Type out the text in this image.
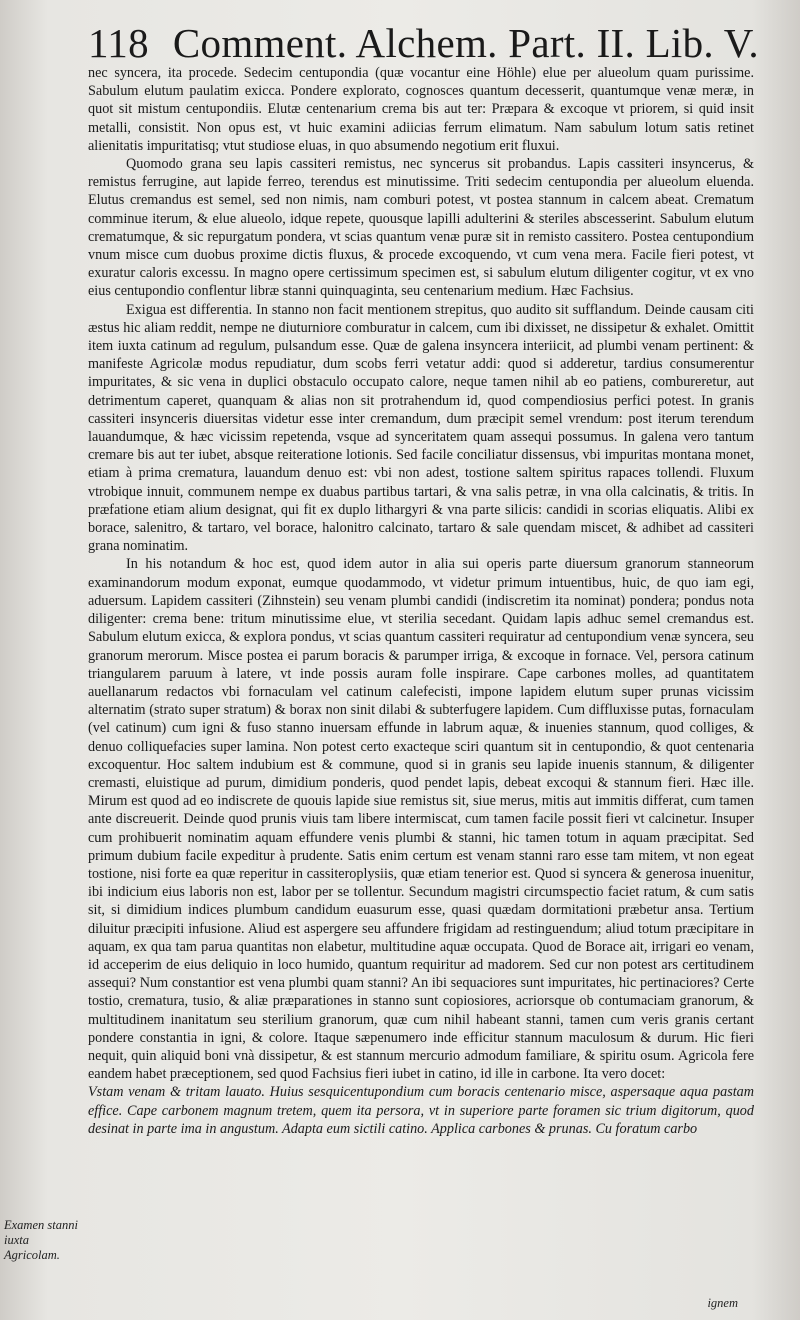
118 Comment. Alchem. Part. II. Lib. V.

nec syncera, ita procede. Sedecim centupondia (quæ vocantur eine Höhle) elue per alueolum quam purissime. Sabulum elutum paulatim exicca. Pondere explorato, cognosces quantum decesserit, quantumque venæ meræ, in quot sit mistum centupondiis. Elutæ centenarium crema bis aut ter: Præpara & excoque vt priorem, si quid insit metalli, consistit. Non opus est, vt huic examini adiicias ferrum elimatum. Nam sabulum lotum satis retinet alienitatis impuritatisq; vtut studiose eluas, in quo absumendo negotium erit fluxui.

Quomodo grana seu lapis cassiteri remistus, nec syncerus sit probandus. Lapis cassiteri insyncerus, & remistus ferrugine, aut lapide ferreo, terendus est minutissime. Triti sedecim centupondia per alueolum eluenda. Elutus cremandus est semel, sed non nimis, nam comburi potest, vt postea stannum in calcem abeat. Crematum comminue iterum, & elue alueolo, idque repete, quousque lapilli adulterini & steriles abscesserint. Sabulum elutum crematumque, & sic repurgatum pondera, vt scias quantum venæ puræ sit in remisto cassitero. Postea centupondium vnum misce cum duobus proxime dictis fluxus, & procede excoquendo, vt cum vena mera. Facile fieri potest, vt exuratur caloris excessu. In magno opere certissimum specimen est, si sabulum elutum diligenter cogitur, vt ex vno eius centupondio conflentur libræ stanni quinquaginta, seu centenarium medium. Hæc Fachsius.

Exigua est differentia. In stanno non facit mentionem strepitus, quo audito sit sufflandum. Deinde causam citi æstus hic aliam reddit, nempe ne diuturniore comburatur in calcem, cum ibi dixisset, ne dissipetur & exhalet. Omittit item iuxta catinum ad regulum, pulsandum esse. Quæ de galena insyncera interiicit, ad plumbi venam pertinent: & manifeste Agricolæ modus repudiatur, dum scobs ferri vetatur addi: quod si adderetur, tardius consumerentur impuritates, & sic vena in duplici obstaculo occupato calore, neque tamen nihil ab eo patiens, combureretur, aut detrimentum caperet, quanquam & alias non sit protrahendum id, quod compendiosius perfici potest. In granis cassiteri insynceris diuersitas videtur esse inter cremandum, dum præcipit semel vrendum: post iterum terendum lauandumque, & hæc vicissim repetenda, vsque ad synceritatem quam assequi possumus. In galena vero tantum cremare bis aut ter iubet, absque reiteratione lotionis. Sed facile conciliatur dissensus, vbi impuritas montana monet, etiam à prima crematura, lauandum denuo est: vbi non adest, tostione saltem spiritus rapaces tollendi. Fluxum vtrobique innuit, communem nempe ex duabus partibus tartari, & vna salis petræ, in vna olla calcinatis, & tritis. In præfatione etiam alium designat, qui fit ex duplo lithargyri & vna parte silicis: candidi in scorias eliquatis. Alibi ex borace, salenitro, & tartaro, vel borace, halonitro calcinato, tartaro & sale quendam miscet, & adhibet ad cassiteri grana nominatim.

In his notandum & hoc est, quod idem autor in alia sui operis parte diuersum granorum stanneorum examinandorum modum exponat, eumque quodammodo, vt videtur primum intuentibus, huic, de quo iam egi, aduersum. Lapidem cassiteri (Zihnstein) seu venam plumbi candidi (indiscretim ita nominat) pondera; pondus nota diligenter: crema bene: tritum minutissime elue, vt sterilia secedant. Quidam lapis adhuc semel cremandus est. Sabulum elutum exicca, & explora pondus, vt scias quantum cassiteri requiratur ad centupondium venæ syncera, seu granorum merorum. Misce postea ei parum boracis & parumper irriga, & excoque in fornace. Vel, persora catinum triangularem paruum à latere, vt inde possis auram folle inspirare. Cape carbones molles, ad quantitatem auellanarum redactos vbi fornaculam vel catinum calefecisti, impone lapidem elutum super prunas vicissim alternatim (strato super stratum) & borax non sinit dilabi & subterfugere lapidem. Cum diffluxisse putas, fornaculam (vel catinum) cum igni & fuso stanno inuersam effunde in labrum aquæ, & inuenies stannum, quod colliges, & denuo colliquefacies super lamina. Non potest certo exacteque sciri quantum sit in centupondio, & quot centenaria excoquentur. Hoc saltem indubium est & commune, quod si in granis seu lapide inuenis stannum, & diligenter cremasti, eluistique ad purum, dimidium ponderis, quod pendet lapis, debeat excoqui & stannum fieri. Hæc ille. Mirum est quod ad eo indiscrete de quouis lapide siue remistus sit, siue merus, mitis aut immitis differat, cum tamen ante discreuerit. Deinde quod prunis viuis tam libere intermiscat, cum tamen facile possit fieri vt calcinetur. Insuper cum prohibuerit nominatim aquam effundere venis plumbi & stanni, hic tamen totum in aquam præcipitat. Sed primum dubium facile expeditur à prudente. Satis enim certum est venam stanni raro esse tam mitem, vt non egeat tostione, nisi forte ea quæ reperitur in cassiteroplysiis, quæ etiam tenerior est. Quod si syncera & generosa inuenitur, ibi indicium eius laboris non est, labor per se tollentur. Secundum magistri circumspectio faciet ratum, & cum satis sit, si dimidium indices plumbum candidum euasurum esse, quasi quædam dormitationi præbetur ansa. Tertium diluitur præcipiti infusione. Aliud est aspergere seu affundere frigidam ad restinguendum; aliud totum præcipitare in aquam, ex qua tam parua quantitas non elabetur, multitudine aquæ occupata. Quod de Borace ait, irrigari eo venam, id acceperim de eius deliquio in loco humido, quantum requiritur ad madorem. Sed cur non potest ars certitudinem assequi? Num constantior est vena plumbi quam stanni? An ibi sequaciores sunt impuritates, hic pertinaciores? Certe tostio, crematura, tusio, & aliæ præparationes in stanno sunt copiosiores, acriorsque ob contumaciam granorum, & multitudinem inanitatum seu sterilium granorum, quæ cum nihil habeant stanni, tamen cum veris granis certant pondere constantia in igni, & colore. Itaque sæpenumero inde efficitur stannum maculosum & durum. Hic fieri nequit, quin aliquid boni vnà dissipetur, & est stannum mercurio admodum familiare, & spiritu osum. Agricola fere eandem habet præceptionem, sed quod Fachsius fieri iubet in catino, id ille in carbone. Ita vero docet:

Vstam venam & tritam lauato. Huius sesquicentupondium cum boracis centenario misce, aspersaque aqua pastam effice. Cape carbonem magnum tretem, quem ita persora, vt in superiore parte foramen sic trium digitorum, quod desinat in parte ima in angustum. Adapta eum sictili catino. Applica carbones & prunas. Cu foratum carbo

Examen stanni iuxta Agricolam.
ignem
